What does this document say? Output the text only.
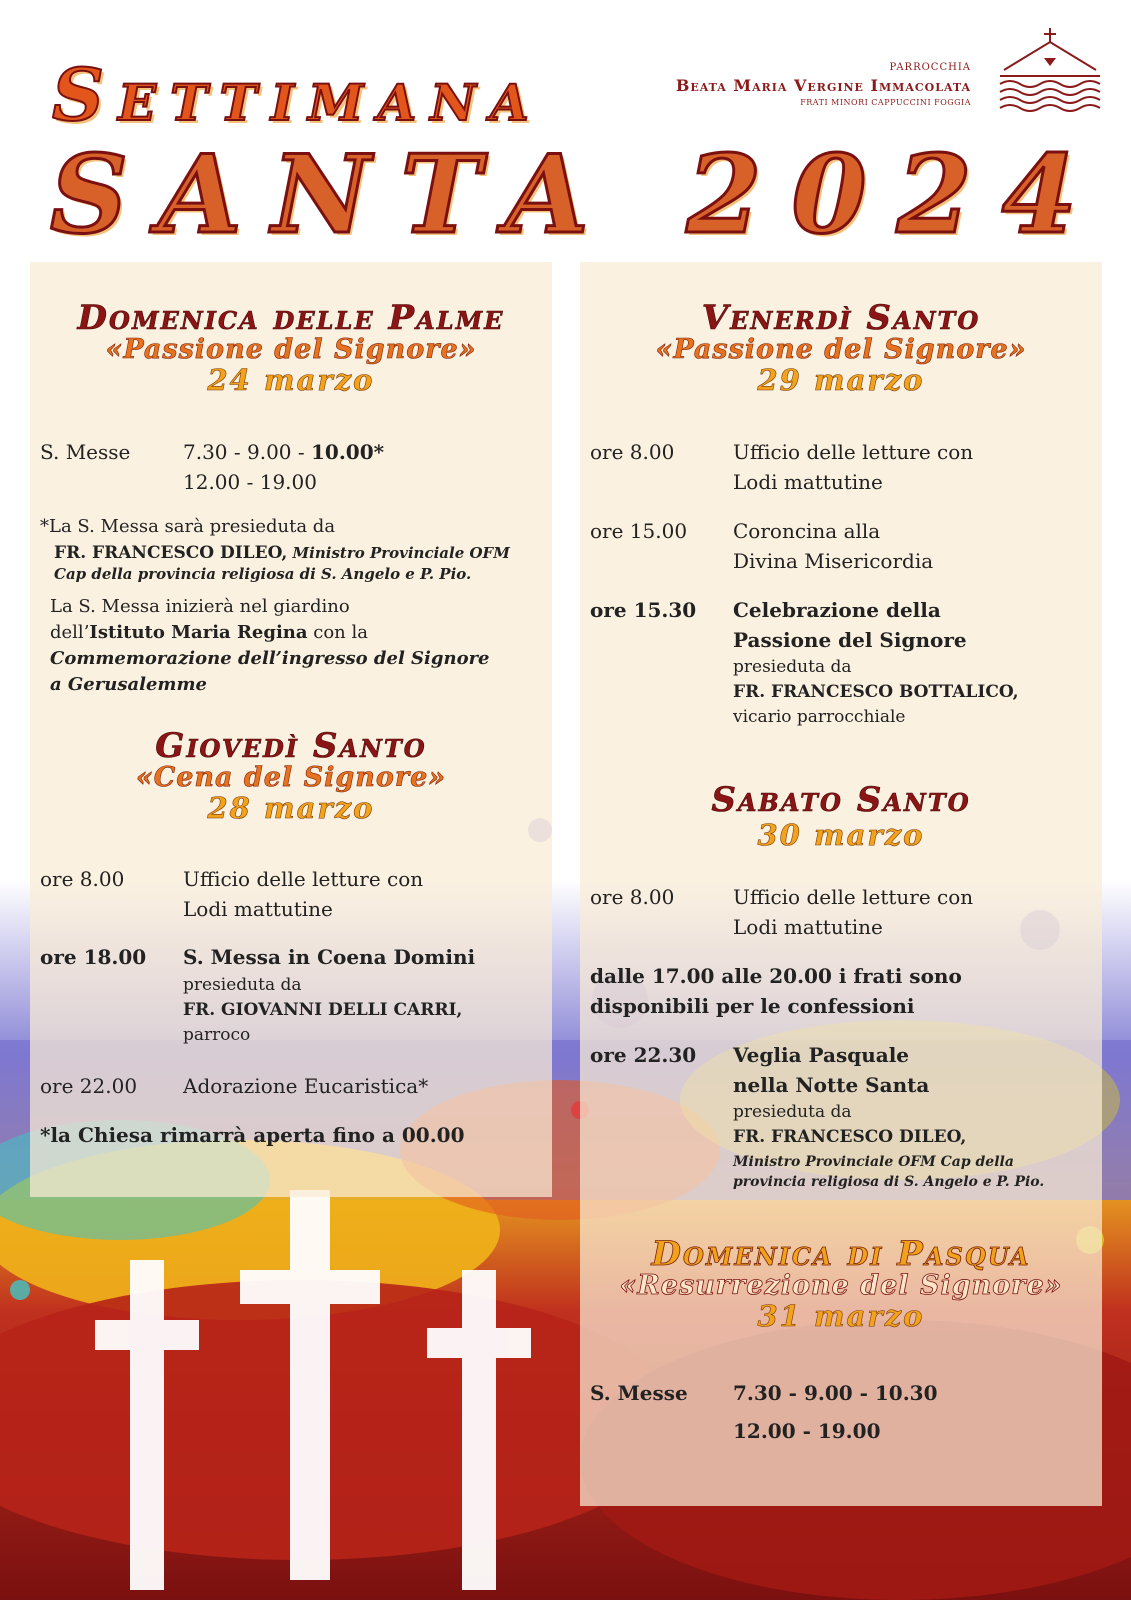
Settimana
SANTA 2024
PARROCCHIA
Beata Maria Vergine Immacolata
FRATI MINORI CAPPUCCINI FOGGIA
Domenica delle Palme
«Passione del Signore»
24 marzo
S. Messe	7.30 - 9.00 - 10.00*
12.00 - 19.00
*La S. Messa sarà presieduta da
FR. FRANCESCO DILEO, Ministro Provinciale OFM
Cap della provincia religiosa di S. Angelo e P. Pio.
La S. Messa inizierà nel giardino
dell’Istituto Maria Regina con la
Commemorazione dell’ingresso del Signore
a Gerusalemme
Giovedì Santo
«Cena del Signore»
28 marzo
ore 8.00	Ufficio delle letture con
Lodi mattutine
ore 18.00 S. Messa in Coena Domini
presieduta da
FR. GIOVANNI DELLI CARRI,
parroco
ore 22.00 Adorazione Eucaristica*
*la Chiesa rimarrà aperta fino a 00.00
Venerdì Santo
«Passione del Signore»
29 marzo
ore 8.00	Ufficio delle letture con
Lodi mattutine
ore 15.00 Coroncina alla
Divina Misericordia
ore 15.30 Celebrazione della
Passione del Signore
presieduta da
FR. FRANCESCO BOTTALICO,
vicario parrocchiale
Sabato Santo
30 marzo
ore 8.00	Ufficio delle letture con
Lodi mattutine
dalle 17.00 alle 20.00 i frati sono
disponibili per le confessioni
ore 22.30 Veglia Pasquale
nella Notte Santa
presieduta da
FR. FRANCESCO DILEO,
Ministro Provinciale OFM Cap della
provincia religiosa di S. Angelo e P. Pio.
Domenica di Pasqua
«Resurrezione del Signore»
31 marzo
S. Messe 7.30 - 9.00 - 10.30
12.00 - 19.00
